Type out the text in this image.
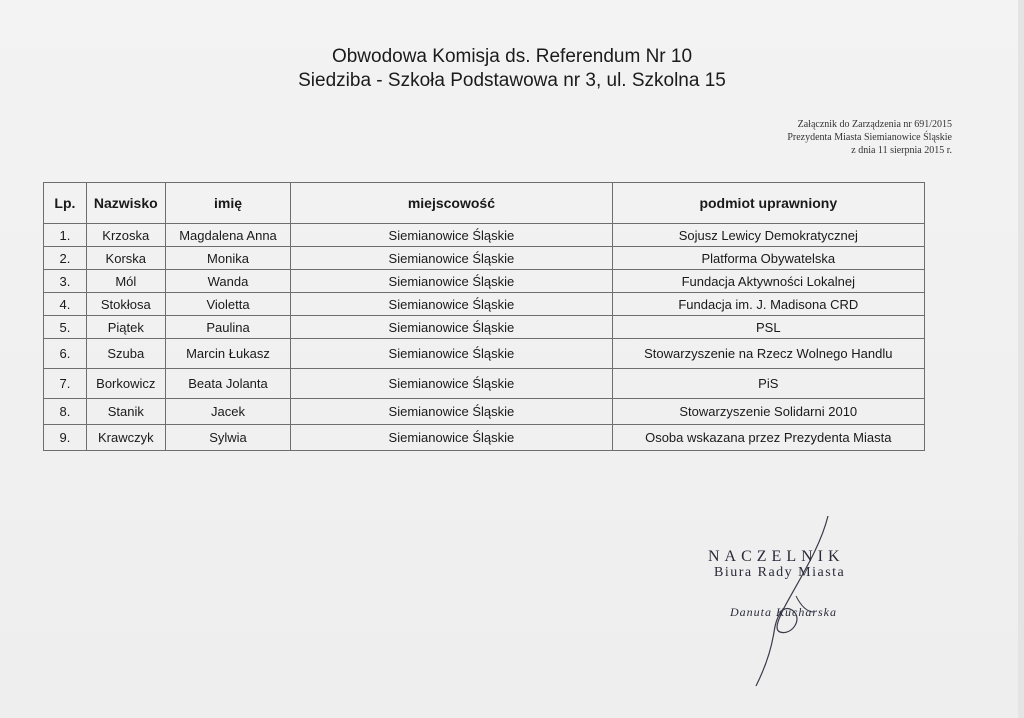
Obwodowa Komisja ds. Referendum Nr 10
Siedziba - Szkoła Podstawowa nr 3, ul. Szkolna 15
Załącznik do Zarządzenia nr 691/2015
Prezydenta Miasta Siemianowice Śląskie
z dnia 11 sierpnia 2015 r.
Lp.	Nazwisko	imię	miejscowość	podmiot uprawniony
1.	Krzoska	Magdalena Anna	Siemianowice Śląskie	Sojusz Lewicy Demokratycznej
2.	Korska	Monika	Siemianowice Śląskie	Platforma Obywatelska
3.	Mól	Wanda	Siemianowice Śląskie	Fundacja Aktywności Lokalnej
4.	Stokłosa	Violetta	Siemianowice Śląskie	Fundacja im. J. Madisona CRD
5.	Piątek	Paulina	Siemianowice Śląskie	PSL
6.	Szuba	Marcin Łukasz	Siemianowice Śląskie	Stowarzyszenie na Rzecz Wolnego Handlu
7.	Borkowicz	Beata Jolanta	Siemianowice Śląskie	PiS
8.	Stanik	Jacek	Siemianowice Śląskie	Stowarzyszenie Solidarni 2010
9.	Krawczyk	Sylwia	Siemianowice Śląskie	Osoba wskazana przez Prezydenta Miasta
NACZELNIK
Biura Rady Miasta
Danuta Kucharska
